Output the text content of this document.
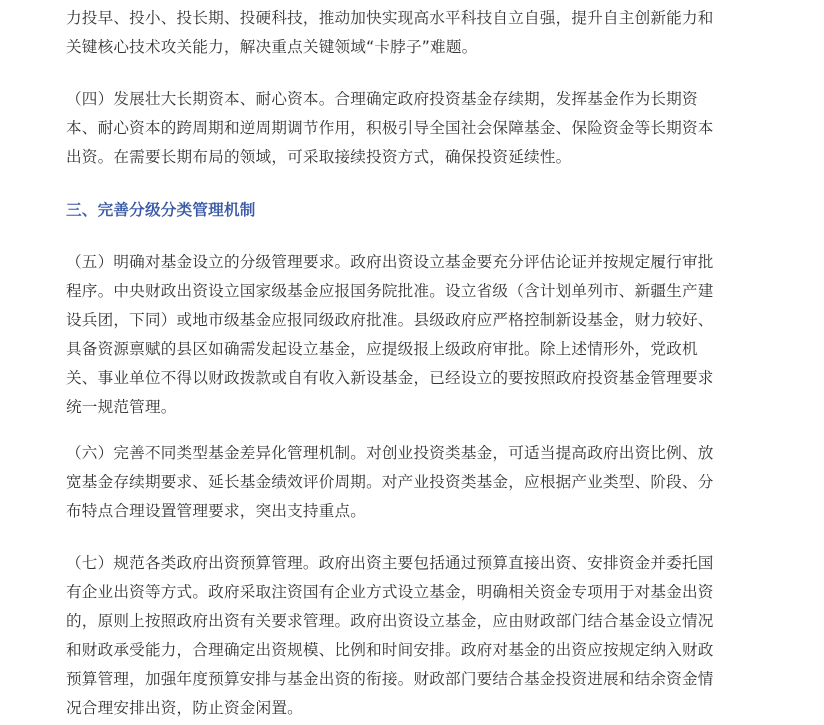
力投早、投小、投长期、投硬科技，推动加快实现高水平科技自立自强，提升自主创新能力和
关键核心技术攻关能力，解决重点关键领域“卡脖子”难题。
（四）发展壮大长期资本、耐心资本。合理确定政府投资基金存续期，发挥基金作为长期资
本、耐心资本的跨周期和逆周期调节作用，积极引导全国社会保障基金、保险资金等长期资本
出资。在需要长期布局的领域，可采取接续投资方式，确保投资延续性。
三、完善分级分类管理机制
（五）明确对基金设立的分级管理要求。政府出资设立基金要充分评估论证并按规定履行审批
程序。中央财政出资设立国家级基金应报国务院批准。设立省级（含计划单列市、新疆生产建
设兵团，下同）或地市级基金应报同级政府批准。县级政府应严格控制新设基金，财力较好、
具备资源禀赋的县区如确需发起设立基金，应提级报上级政府审批。除上述情形外，党政机
关、事业单位不得以财政拨款或自有收入新设基金，已经设立的要按照政府投资基金管理要求
统一规范管理。
（六）完善不同类型基金差异化管理机制。对创业投资类基金，可适当提高政府出资比例、放
宽基金存续期要求、延长基金绩效评价周期。对产业投资类基金，应根据产业类型、阶段、分
布特点合理设置管理要求，突出支持重点。
（七）规范各类政府出资预算管理。政府出资主要包括通过预算直接出资、安排资金并委托国
有企业出资等方式。政府采取注资国有企业方式设立基金，明确相关资金专项用于对基金出资
的，原则上按照政府出资有关要求管理。政府出资设立基金，应由财政部门结合基金设立情况
和财政承受能力，合理确定出资规模、比例和时间安排。政府对基金的出资应按规定纳入财政
预算管理，加强年度预算安排与基金出资的衔接。财政部门要结合基金投资进展和结余资金情
况合理安排出资，防止资金闲置。
